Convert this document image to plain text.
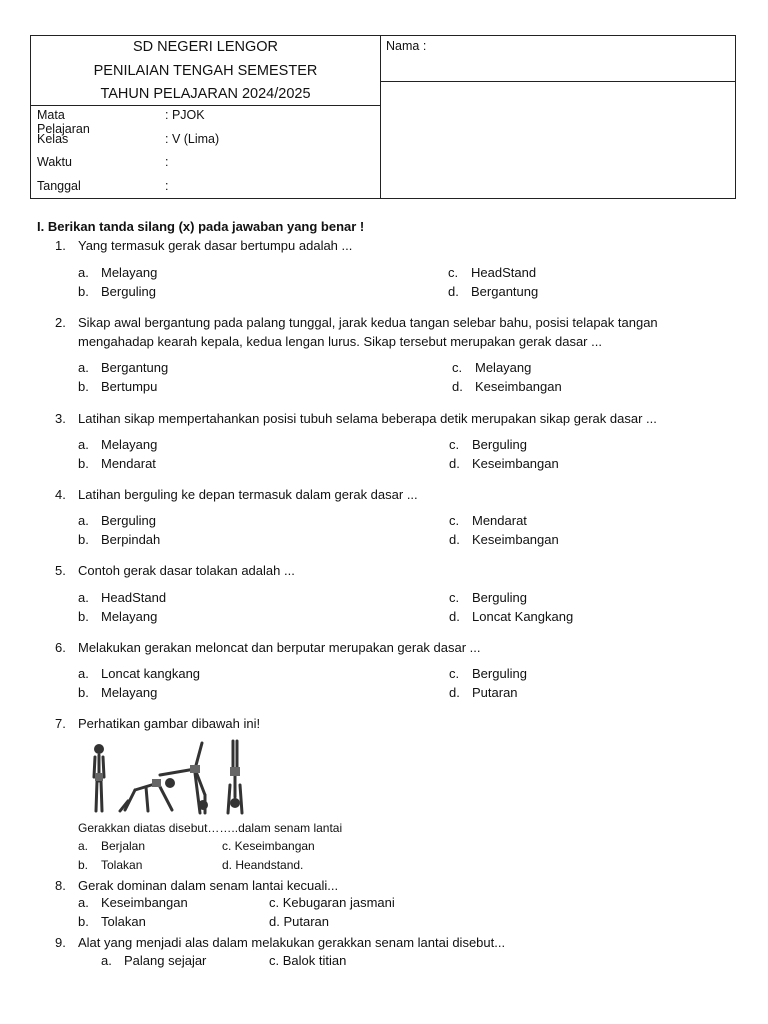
SD NEGERI LENGOR
PENILAIAN TENGAH SEMESTER
TAHUN PELAJARAN 2024/2025
Mata Pelajaran
: PJOK
Kelas	: V (Lima)
Waktu	:
Tanggal	:
Nama :
I. Berikan tanda silang (x) pada jawaban yang benar !
1. Yang termasuk gerak dasar bertumpu adalah ...
a. Melayang
b. Berguling
c. HeadStand
d. Bergantung
2. Sikap awal bergantung pada palang tunggal, jarak kedua tangan selebar bahu, posisi telapak tangan mengahadap kearah kepala, kedua lengan lurus. Sikap tersebut merupakan gerak dasar ...
a. Bergantung
b. Bertumpu
c. Melayang
d. Keseimbangan
3. Latihan sikap mempertahankan posisi tubuh selama beberapa detik merupakan sikap gerak dasar ...
a. Melayang
b. Mendarat
c. Berguling
d. Keseimbangan
4. Latihan berguling ke depan termasuk dalam gerak dasar ...
a. Berguling
b. Berpindah
c. Mendarat
d. Keseimbangan
5. Contoh gerak dasar tolakan adalah ...
a. HeadStand
b. Melayang
c. Berguling
d. Loncat Kangkang
6. Melakukan gerakan meloncat dan berputar merupakan gerak dasar ...
a. Loncat kangkang
b. Melayang
c. Berguling
d. Putaran
7. Perhatikan gambar dibawah ini!
Gerakkan diatas disebut……..dalam senam lantai
a. Berjalan
b. Tolakan
c. Keseimbangan
d. Heandstand.
8. Gerak dominan dalam senam lantai kecuali...
a. Keseimbangan
b. Tolakan
c. Kebugaran jasmani
d. Putaran
9. Alat yang menjadi alas dalam melakukan gerakkan senam lantai disebut...
a. Palang sejajar	c. Balok titian
